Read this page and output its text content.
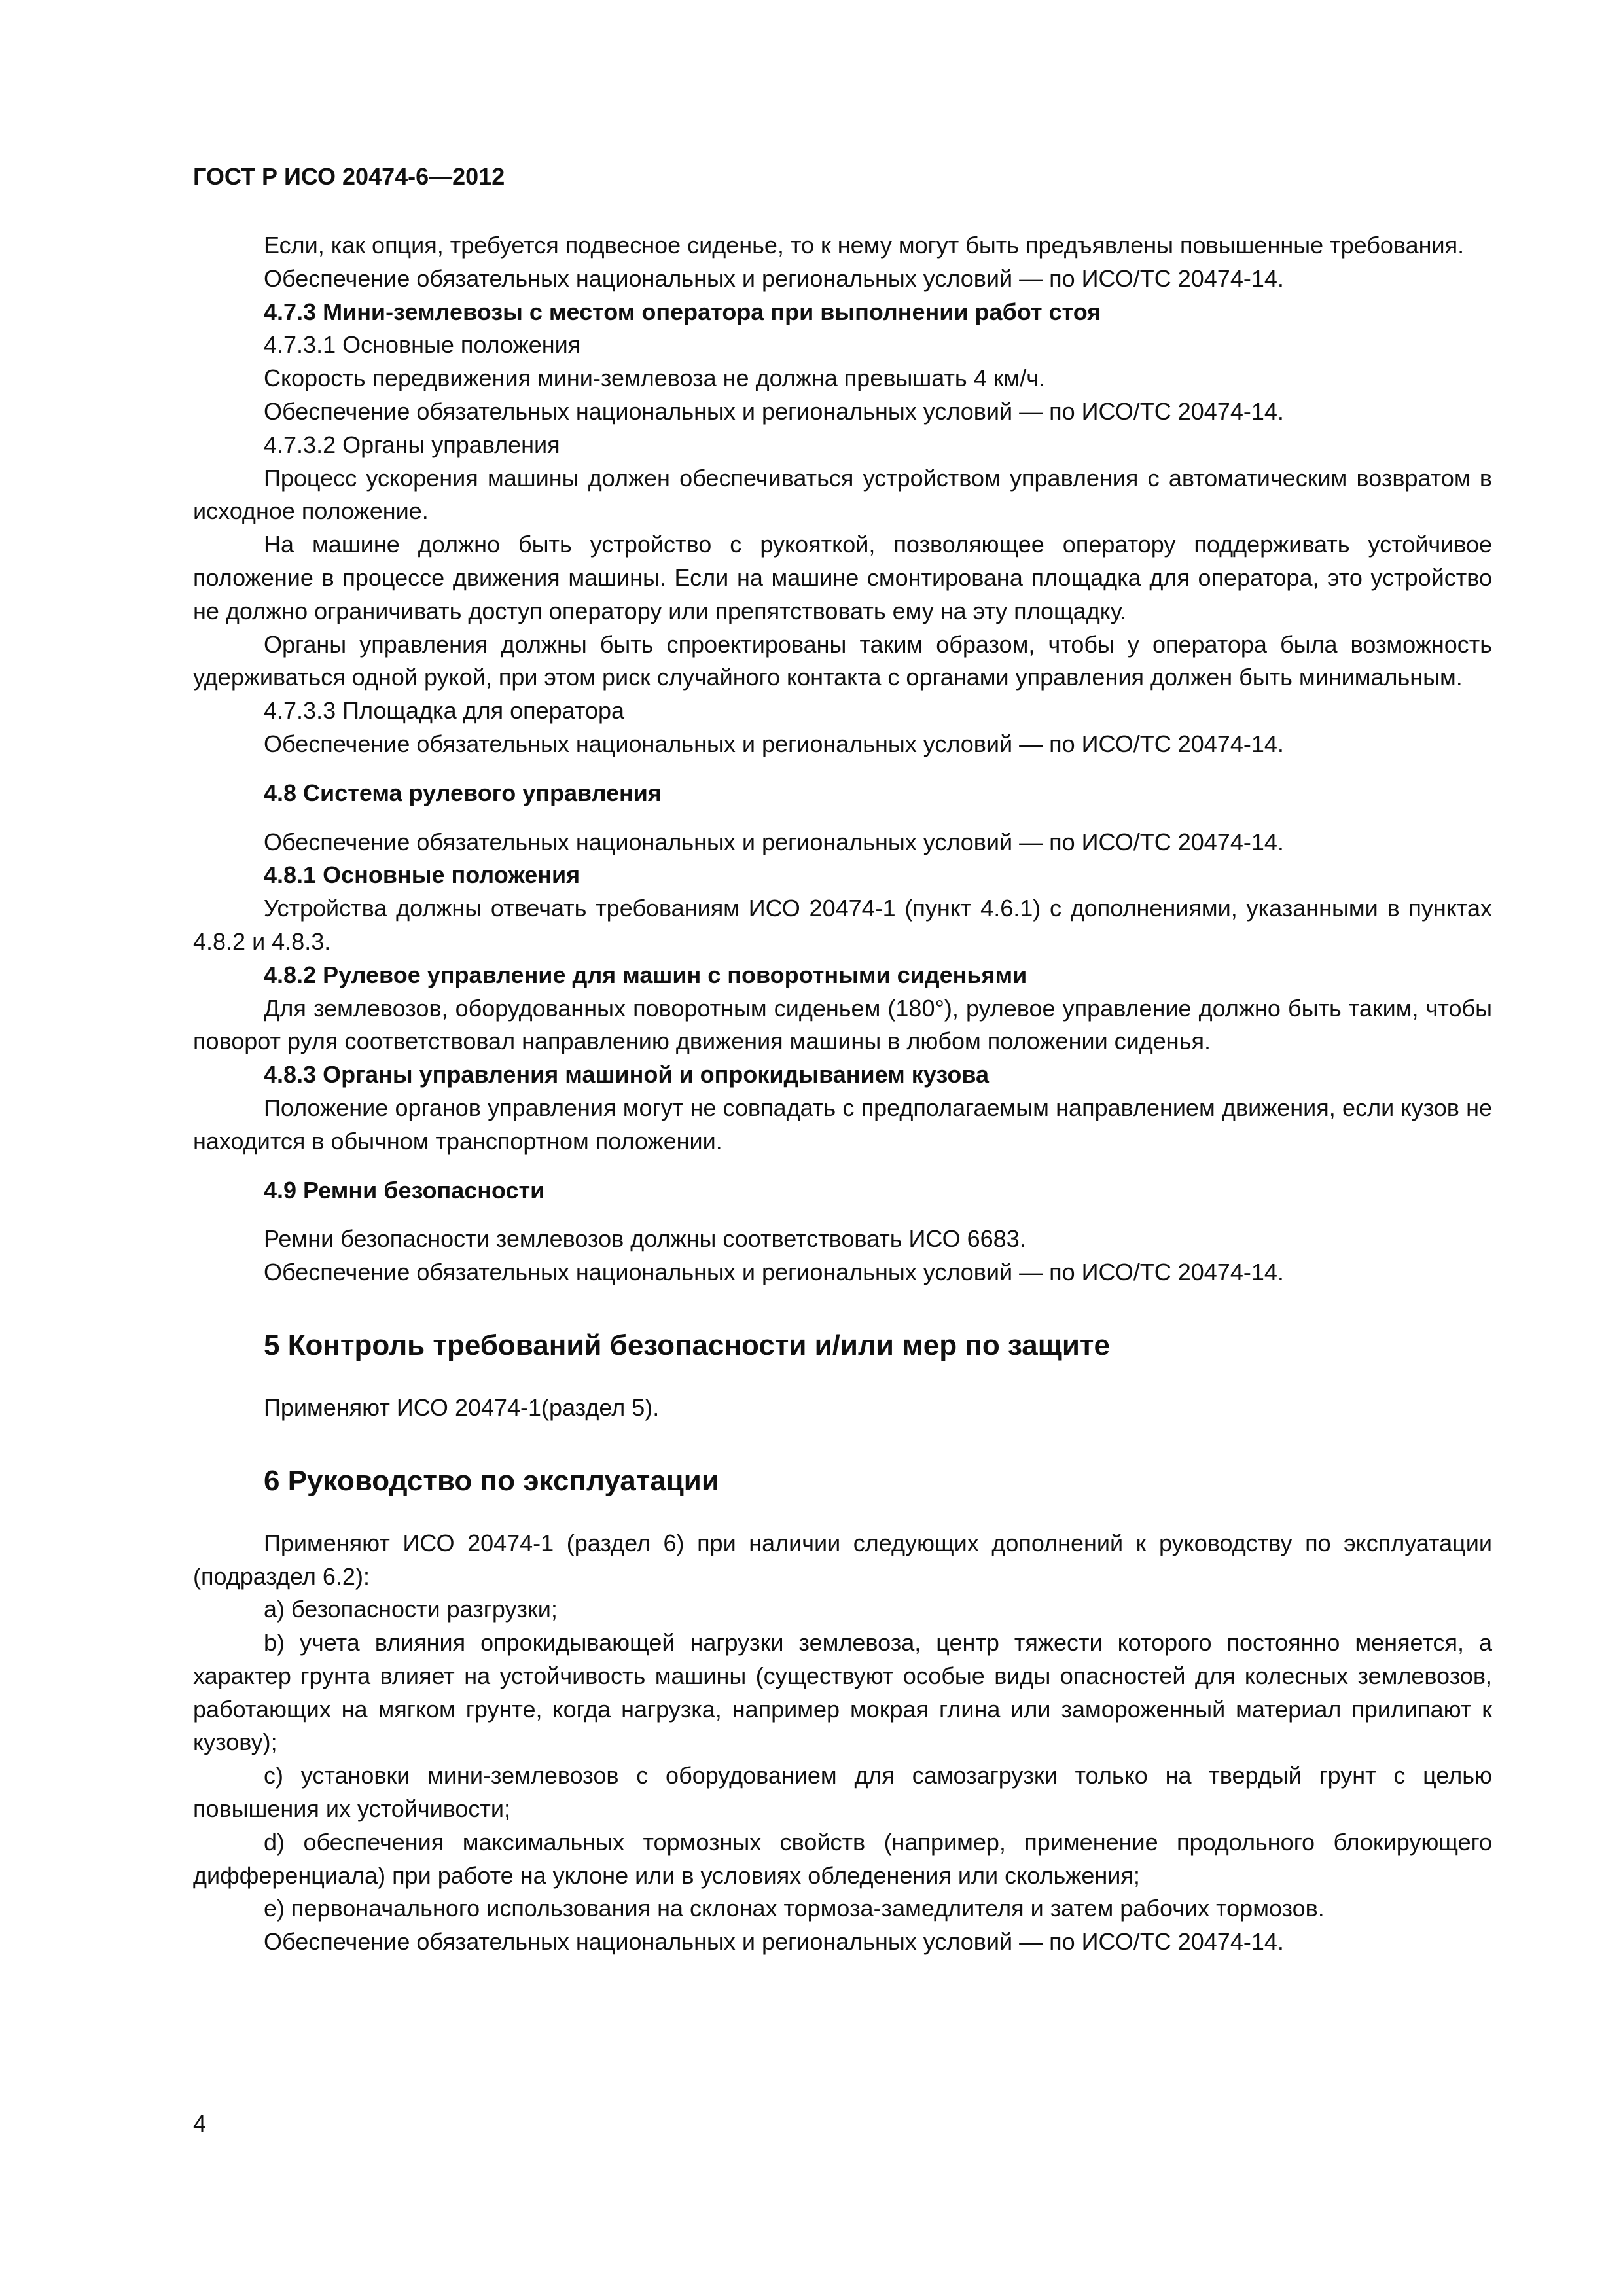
ГОСТ Р ИСО 20474-6—2012

Если, как опция, требуется подвесное сиденье, то к нему могут быть предъявлены повышенные требования.

Обеспечение обязательных национальных и региональных условий — по ИСО/ТС 20474-14.

4.7.3 Мини-землевозы с местом оператора при выполнении работ стоя

4.7.3.1 Основные положения

Скорость передвижения мини-землевоза не должна превышать 4 км/ч.

Обеспечение обязательных национальных и региональных условий — по ИСО/ТС 20474-14.

4.7.3.2 Органы управления

Процесс ускорения машины должен обеспечиваться устройством управления с автоматическим возвратом в исходное положение.

На машине должно быть устройство с рукояткой, позволяющее оператору поддерживать устойчивое положение в процессе движения машины. Если на машине смонтирована площадка для оператора, это устройство не должно ограничивать доступ оператору или препятствовать ему на эту площадку.

Органы управления должны быть спроектированы таким образом, чтобы у оператора была возможность удерживаться одной рукой, при этом риск случайного контакта с органами управления должен быть минимальным.

4.7.3.3 Площадка для оператора

Обеспечение обязательных национальных и региональных условий — по ИСО/ТС 20474-14.

4.8 Система рулевого управления

Обеспечение обязательных национальных и региональных условий — по ИСО/ТС 20474-14.

4.8.1 Основные положения

Устройства должны отвечать требованиям ИСО 20474-1 (пункт 4.6.1) с дополнениями, указанными в пунктах 4.8.2 и 4.8.3.

4.8.2 Рулевое управление для машин с поворотными сиденьями

Для землевозов, оборудованных поворотным сиденьем (180°), рулевое управление должно быть таким, чтобы поворот руля соответствовал направлению движения машины в любом положении сиденья.

4.8.3 Органы управления машиной и опрокидыванием кузова

Положение органов управления могут не совпадать с предполагаемым направлением движения, если кузов не находится в обычном транспортном положении.

4.9 Ремни безопасности

Ремни безопасности землевозов должны соответствовать ИСО 6683.

Обеспечение обязательных национальных и региональных условий — по ИСО/ТС 20474-14.

5 Контроль требований безопасности и/или мер по защите

Применяют ИСО 20474-1(раздел 5).

6 Руководство по эксплуатации

Применяют ИСО 20474-1 (раздел 6) при наличии следующих дополнений к руководству по эксплуатации (подраздел 6.2):

a) безопасности разгрузки;

b) учета влияния опрокидывающей нагрузки землевоза, центр тяжести которого постоянно меняется, а характер грунта влияет на устойчивость машины (существуют особые виды опасностей для колесных землевозов, работающих на мягком грунте, когда нагрузка, например мокрая глина или замороженный материал прилипают к кузову);

c) установки мини-землевозов с оборудованием для самозагрузки только на твердый грунт с целью повышения их устойчивости;

d) обеспечения максимальных тормозных свойств (например, применение продольного блокирующего дифференциала) при работе на уклоне или в условиях обледенения или скольжения;

e) первоначального использования на склонах тормоза-замедлителя и затем рабочих тормозов.

Обеспечение обязательных национальных и региональных условий — по ИСО/ТС 20474-14.

4
